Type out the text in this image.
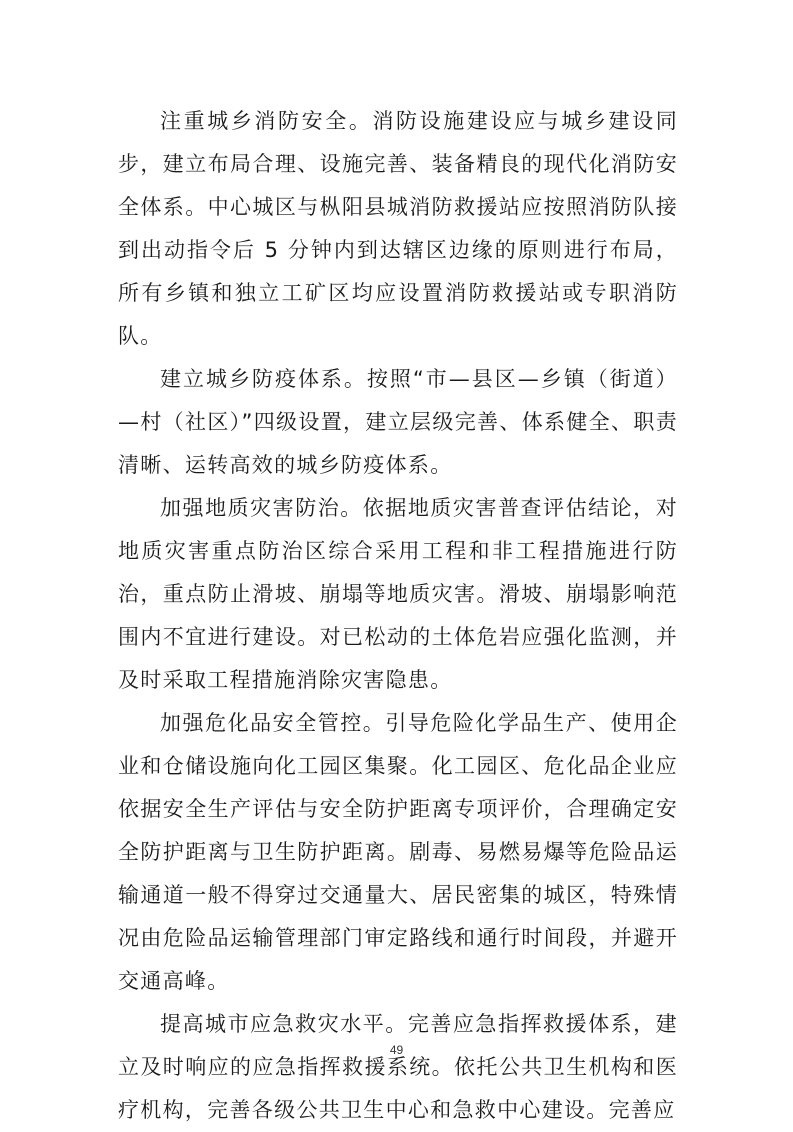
注重城乡消防安全。消防设施建设应与城乡建设同步，建立布局合理、设施完善、装备精良的现代化消防安全体系。中心城区与枞阳县城消防救援站应按照消防队接到出动指令后 5 分钟内到达辖区边缘的原则进行布局，所有乡镇和独立工矿区均应设置消防救援站或专职消防队。

建立城乡防疫体系。按照“市—县区—乡镇（街道）—村（社区）”四级设置，建立层级完善、体系健全、职责清晰、运转高效的城乡防疫体系。

加强地质灾害防治。依据地质灾害普查评估结论，对地质灾害重点防治区综合采用工程和非工程措施进行防治，重点防止滑坡、崩塌等地质灾害。滑坡、崩塌影响范围内不宜进行建设。对已松动的土体危岩应强化监测，并及时采取工程措施消除灾害隐患。

加强危化品安全管控。引导危险化学品生产、使用企业和仓储设施向化工园区集聚。化工园区、危化品企业应依据安全生产评估与安全防护距离专项评价，合理确定安全防护距离与卫生防护距离。剧毒、易燃易爆等危险品运输通道一般不得穿过交通量大、居民密集的城区，特殊情况由危险品运输管理部门审定路线和通行时间段，并避开交通高峰。

提高城市应急救灾水平。完善应急指挥救援体系，建立及时响应的应急指挥救援系统。依托公共卫生机构和医疗机构，完善各级公共卫生中心和急救中心建设。完善应

49
